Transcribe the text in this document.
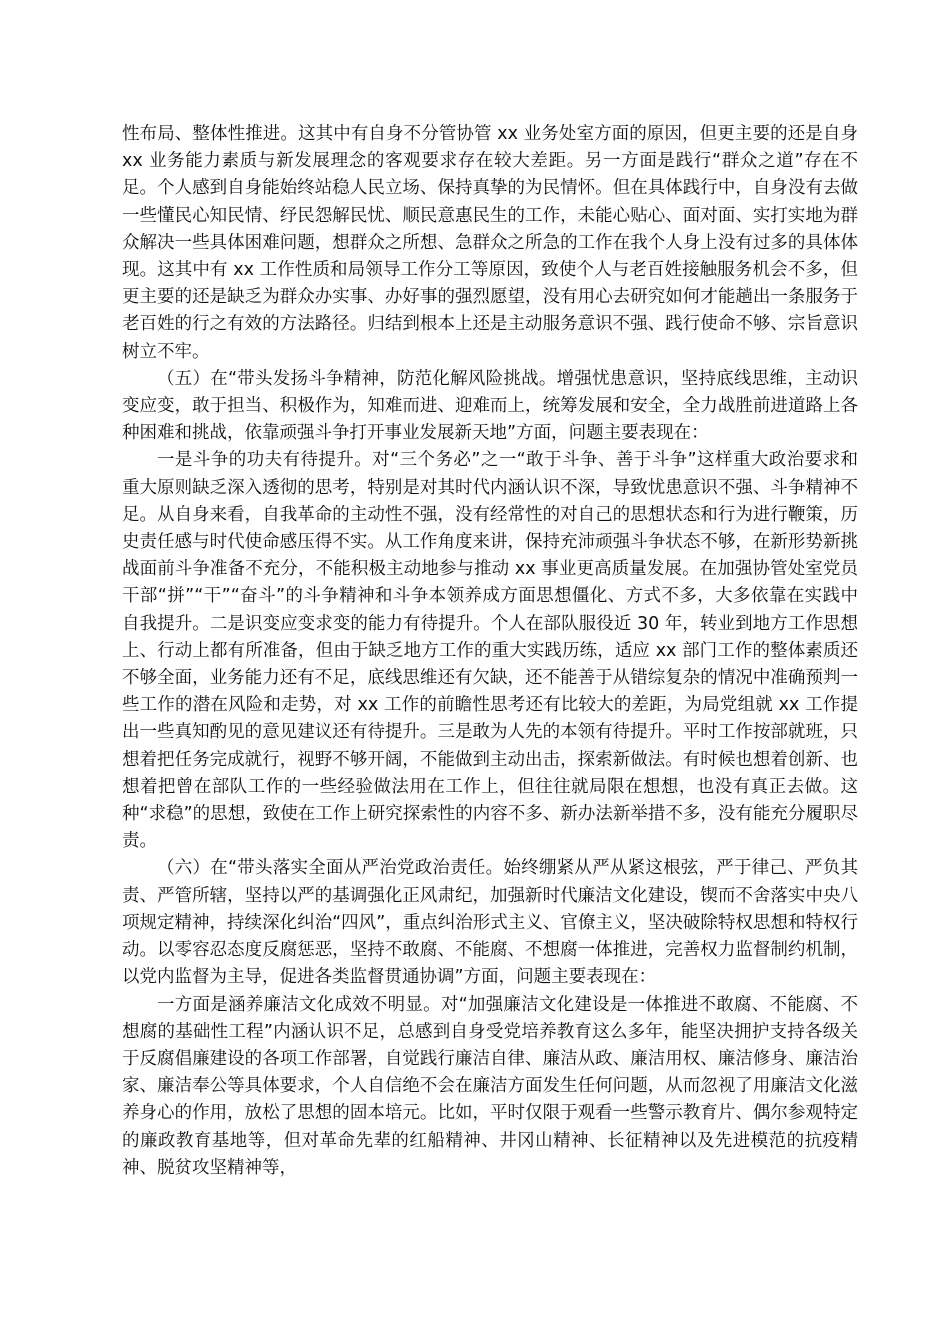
性布局、整体性推进。这其中有自身不分管协管 xx 业务处室方面的原因，但更主要的还是自身 xx 业务能力素质与新发展理念的客观要求存在较大差距。另一方面是践行“群众之道”存在不足。个人感到自身能始终站稳人民立场、保持真挚的为民情怀。但在具体践行中，自身没有去做一些懂民心知民情、纾民怨解民忧、顺民意惠民生的工作，未能心贴心、面对面、实打实地为群众解决一些具体困难问题，想群众之所想、急群众之所急的工作在我个人身上没有过多的具体体现。这其中有 xx 工作性质和局领导工作分工等原因，致使个人与老百姓接触服务机会不多，但更主要的还是缺乏为群众办实事、办好事的强烈愿望，没有用心去研究如何才能趟出一条服务于老百姓的行之有效的方法路径。归结到根本上还是主动服务意识不强、践行使命不够、宗旨意识树立不牢。

（五）在“带头发扬斗争精神，防范化解风险挑战。增强忧患意识，坚持底线思维，主动识变应变，敢于担当、积极作为，知难而进、迎难而上，统筹发展和安全，全力战胜前进道路上各种困难和挑战，依靠顽强斗争打开事业发展新天地”方面，问题主要表现在：

一是斗争的功夫有待提升。对“三个务必”之一“敢于斗争、善于斗争”这样重大政治要求和重大原则缺乏深入透彻的思考，特别是对其时代内涵认识不深，导致忧患意识不强、斗争精神不足。从自身来看，自我革命的主动性不强，没有经常性的对自己的思想状态和行为进行鞭策，历史责任感与时代使命感压得不实。从工作角度来讲，保持充沛顽强斗争状态不够，在新形势新挑战面前斗争准备不充分，不能积极主动地参与推动 xx 事业更高质量发展。在加强协管处室党员干部“拼”“干”“奋斗”的斗争精神和斗争本领养成方面思想僵化、方式不多，大多依靠在实践中自我提升。二是识变应变求变的能力有待提升。个人在部队服役近 30 年，转业到地方工作思想上、行动上都有所准备，但由于缺乏地方工作的重大实践历练，适应 xx 部门工作的整体素质还不够全面，业务能力还有不足，底线思维还有欠缺，还不能善于从错综复杂的情况中准确预判一些工作的潜在风险和走势，对 xx 工作的前瞻性思考还有比较大的差距，为局党组就 xx 工作提出一些真知酌见的意见建议还有待提升。三是敢为人先的本领有待提升。平时工作按部就班，只想着把任务完成就行，视野不够开阔，不能做到主动出击，探索新做法。有时候也想着创新、也想着把曾在部队工作的一些经验做法用在工作上，但往往就局限在想想，也没有真正去做。这种“求稳”的思想，致使在工作上研究探索性的内容不多、新办法新举措不多，没有能充分履职尽责。

（六）在“带头落实全面从严治党政治责任。始终绷紧从严从紧这根弦，严于律己、严负其责、严管所辖，坚持以严的基调强化正风肃纪，加强新时代廉洁文化建设，锲而不舍落实中央八项规定精神，持续深化纠治“四风”，重点纠治形式主义、官僚主义，坚决破除特权思想和特权行动。以零容忍态度反腐惩恶，坚持不敢腐、不能腐、不想腐一体推进，完善权力监督制约机制，以党内监督为主导，促进各类监督贯通协调”方面，问题主要表现在：

一方面是涵养廉洁文化成效不明显。对“加强廉洁文化建设是一体推进不敢腐、不能腐、不想腐的基础性工程”内涵认识不足，总感到自身受党培养教育这么多年，能坚决拥护支持各级关于反腐倡廉建设的各项工作部署，自觉践行廉洁自律、廉洁从政、廉洁用权、廉洁修身、廉洁治家、廉洁奉公等具体要求，个人自信绝不会在廉洁方面发生任何问题，从而忽视了用廉洁文化滋养身心的作用，放松了思想的固本培元。比如，平时仅限于观看一些警示教育片、偶尔参观特定的廉政教育基地等，但对革命先辈的红船精神、井冈山精神、长征精神以及先进模范的抗疫精神、脱贫攻坚精神等，
